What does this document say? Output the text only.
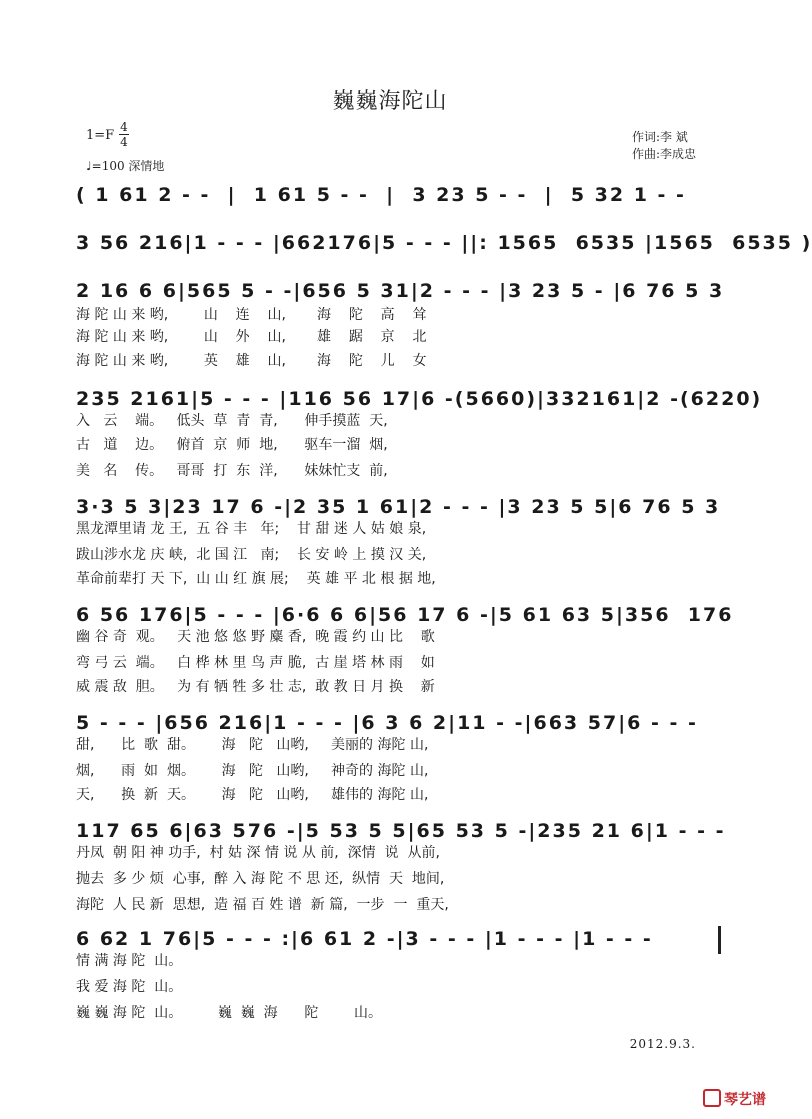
巍巍海陀山
1=F
4
4
♩=100 深情地
作词:李 斌
作曲:李成忠
( 1 61 2 - -  |  1 61 5 - -  |  3 23 5 - -  |  5 32 1 - -
3 56 216|1 - - - |662176|5 - - - ||: 1565  6535 |1565  6535 )
2 16 6 6|565 5 - -|656 5 31|2 - - - |3 23 5 - |6 76 5 3
海 陀 山 来 哟,        山    连    山,       海    陀    高    耸
海 陀 山 来 哟,        山    外    山,       雄    踞    京    北
海 陀 山 来 哟,        英    雄    山,       海    陀    儿    女
235 2161|5 - - - |116 56 17|6 -(5660)|332161|2 -(6220)
入   云    端。   低头  草  青  青,      伸手摸蓝  天,
古   道    边。   俯首  京  师  地,      驱车一溜  烟,
美   名    传。   哥哥  打  东  洋,      妹妹忙支  前,
3·3 5 3|23 17 6 -|2 35 1 61|2 - - - |3 23 5 5|6 76 5 3
黑龙潭里请 龙 王,  五 谷 丰   年;    甘 甜 迷 人 姑 娘 泉,
跋山涉水龙 庆 峡,  北 国 江   南;    长 安 岭 上 摸 汉 关,
革命前辈打 天 下,  山 山 红 旗 展;    英 雄 平 北 根 据 地,
6 56 176|5 - - - |6·6 6 6|56 17 6 -|5 61 63 5|356  176
幽 谷 奇  观。   天 池 悠 悠 野 麋 香,  晚 霞 约 山 比    歌
弯 弓 云  端。   白 桦 林 里 鸟 声 脆,  古 崖 塔 林 雨    如
威 震 敌  胆。   为 有 牺 牲 多 壮 志,  敢 教 日 月 换    新
5 - - - |656 216|1 - - - |6 3 6 2|11 - -|663 57|6 - - -
甜,      比  歌  甜。      海   陀   山哟,     美丽的 海陀 山,
烟,      雨  如  烟。      海   陀   山哟,     神奇的 海陀 山,
天,      换  新  天。      海   陀   山哟,     雄伟的 海陀 山,
117 65 6|63 576 -|5 53 5 5|65 53 5 -|235 21 6|1 - - -
丹凤  朝 阳 神 功手,  村 姑 深 情 说 从 前,  深情  说  从前,
抛去  多 少 烦  心事,  醉 入 海 陀 不 思 还,  纵情  天  地间,
海陀  人 民 新  思想,  造 福 百 姓 谱  新 篇,  一步  一  重天,
6 62 1 76|5 - - - :|6 61 2 -|3 - - - |1 - - - |1 - - -
情 满 海 陀  山。
我 爱 海 陀  山。
巍 巍 海 陀  山。        巍  巍  海      陀        山。
2012.9.3.
琴艺谱
